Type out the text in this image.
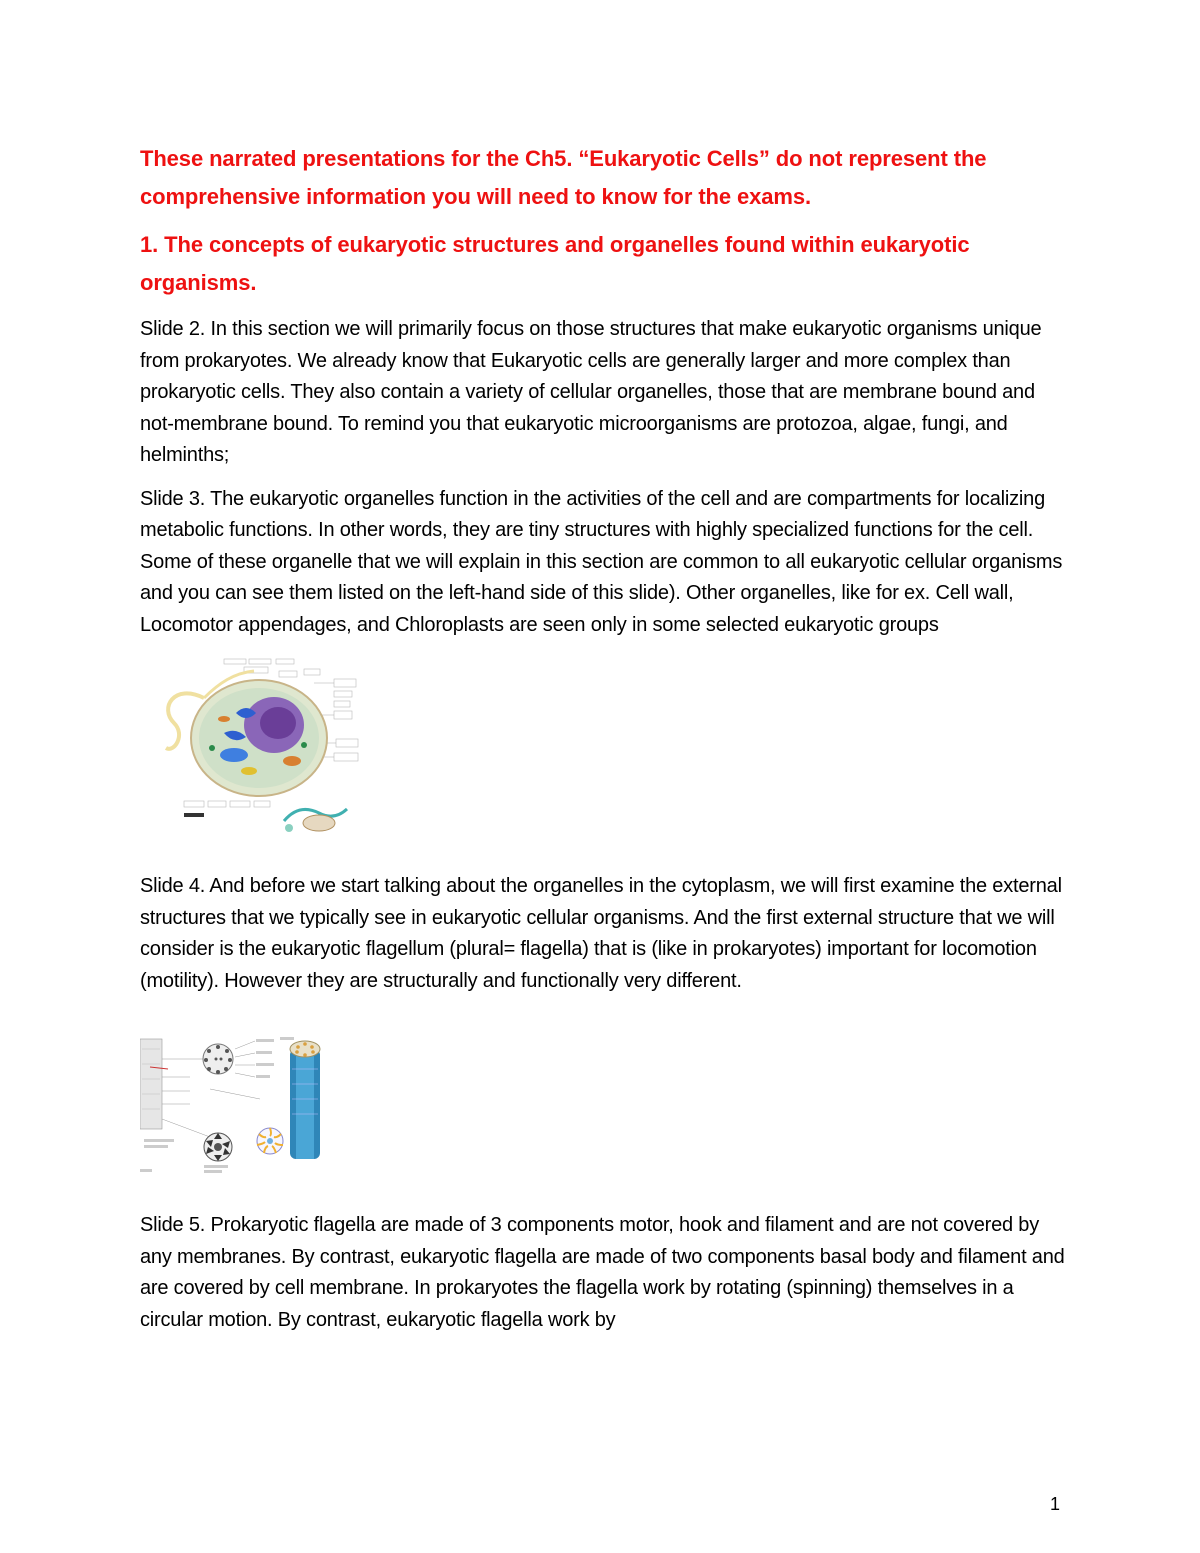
These narrated presentations for the Ch5. “Eukaryotic Cells” do not represent the comprehensive information you will need to know for the exams.

1. The concepts of eukaryotic structures and organelles found within eukaryotic organisms.

Slide 2. In this section we will primarily focus on those structures that make eukaryotic organisms unique from prokaryotes. We already know that Eukaryotic cells are generally larger and more complex than prokaryotic cells. They also contain a variety of cellular organelles, those that are membrane bound and not-membrane bound. To remind you that eukaryotic microorganisms are protozoa, algae, fungi, and helminths;

Slide 3. The eukaryotic organelles function in the activities of the cell and are compartments for localizing metabolic functions. In other words, they are tiny structures with highly specialized functions for the cell. Some of these organelle that we will explain in this section are common to all eukaryotic cellular organisms and you can see them listed on the left-hand side of this slide). Other organelles, like for ex. Cell wall, Locomotor appendages, and Chloroplasts are seen only in some selected eukaryotic groups

Slide 4. And before we start talking about the organelles in the cytoplasm, we will first examine the external structures that we typically see in eukaryotic cellular organisms. And the first external structure that we will consider is the eukaryotic flagellum (plural= flagella) that is (like in prokaryotes) important for locomotion (motility). However they are structurally and functionally very different.

Slide 5. Prokaryotic flagella are made of 3 components motor, hook and filament and are not covered by any membranes. By contrast, eukaryotic flagella are made of two components basal body and filament and are covered by cell membrane. In prokaryotes the flagella work by rotating (spinning) themselves in a circular motion. By contrast, eukaryotic flagella work by

1
